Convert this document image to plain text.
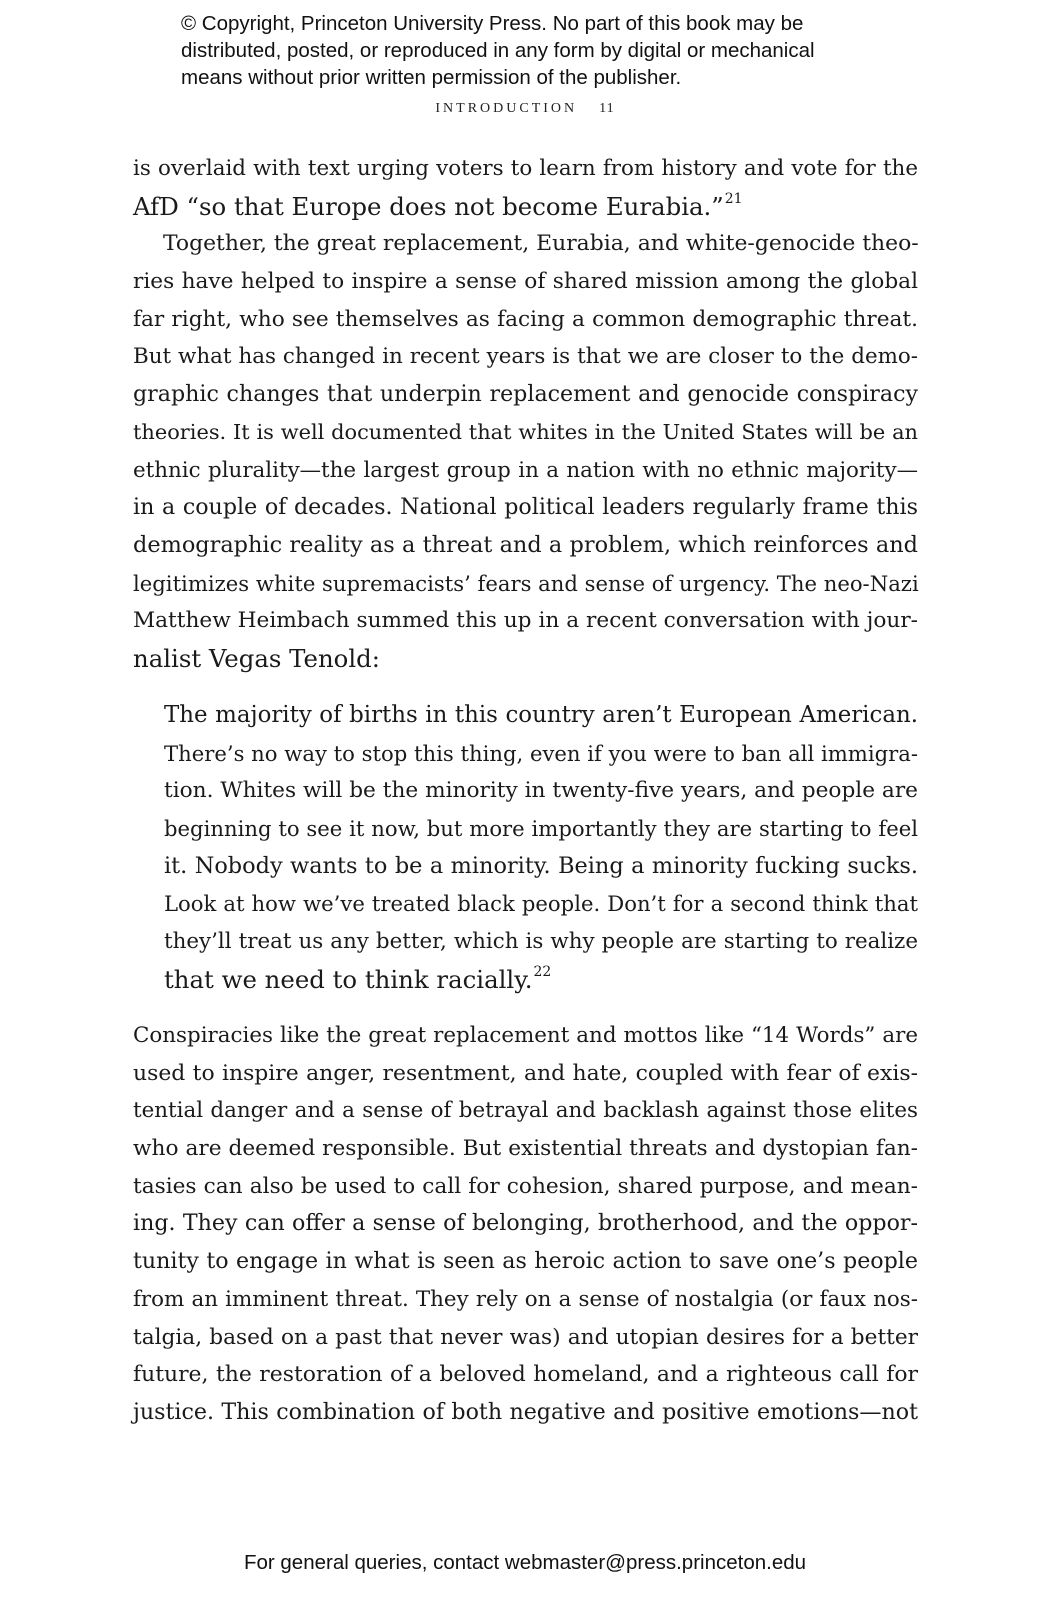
© Copyright, Princeton University Press. No part of this book may be
distributed, posted, or reproduced in any form by digital or mechanical
means without prior written permission of the publisher.
INTRODUCTION 11
is overlaid with text urging voters to learn from history and vote for the
AfD “so that Europe does not become Eurabia.”$^{21}$
Together, the great replacement, Eurabia, and white-genocide theo-
ries have helped to inspire a sense of shared mission among the global
far right, who see themselves as facing a common demographic threat.
But what has changed in recent years is that we are closer to the demo-
graphic changes that underpin replacement and genocide conspiracy
theories. It is well documented that whites in the United States will be an
ethnic plurality—the largest group in a nation with no ethnic majority—
in a couple of decades. National political leaders regularly frame this
demographic reality as a threat and a problem, which reinforces and
legitimizes white supremacists’ fears and sense of urgency. The neo-Nazi
Matthew Heimbach summed this up in a recent conversation with jour-
nalist Vegas Tenold:
The majority of births in this country aren’t European American.
There’s no way to stop this thing, even if you were to ban all immigra-
tion. Whites will be the minority in twenty-five years, and people are
beginning to see it now, but more importantly they are starting to feel
it. Nobody wants to be a minority. Being a minority fucking sucks.
Look at how we’ve treated black people. Don’t for a second think that
they’ll treat us any better, which is why people are starting to realize
that we need to think racially.$^{22}$
Conspiracies like the great replacement and mottos like “14 Words” are
used to inspire anger, resentment, and hate, coupled with fear of exis-
tential danger and a sense of betrayal and backlash against those elites
who are deemed responsible. But existential threats and dystopian fan-
tasies can also be used to call for cohesion, shared purpose, and mean-
ing. They can offer a sense of belonging, brotherhood, and the oppor-
tunity to engage in what is seen as heroic action to save one’s people
from an imminent threat. They rely on a sense of nostalgia (or faux nos-
talgia, based on a past that never was) and utopian desires for a better
future, the restoration of a beloved homeland, and a righteous call for
justice. This combination of both negative and positive emotions—not
For general queries, contact webmaster@press.princeton.edu
